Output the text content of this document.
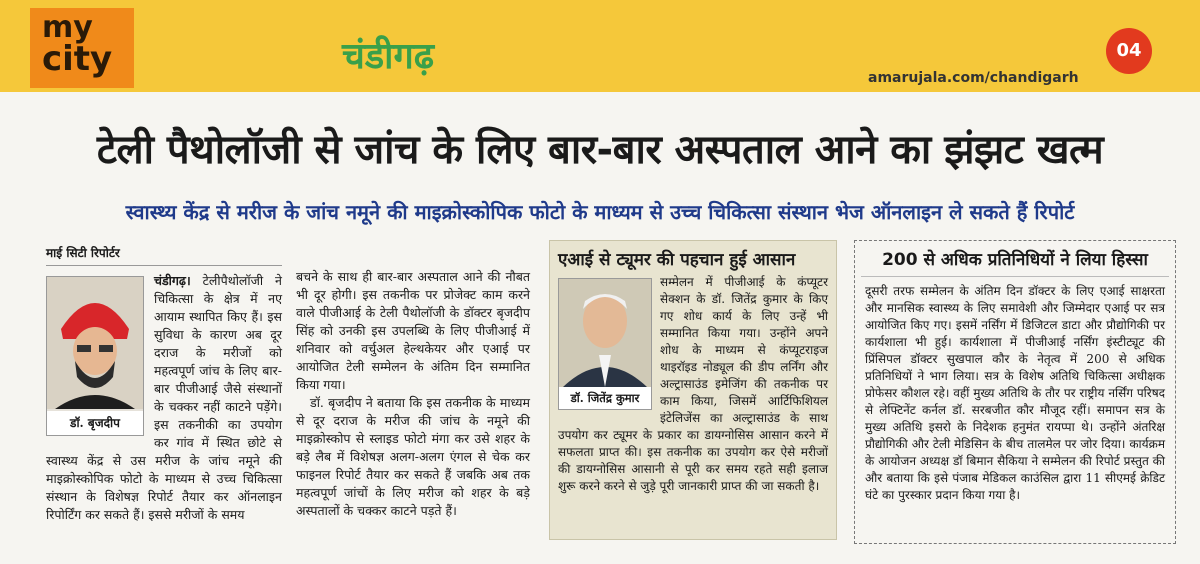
my
city	चंडीगढ़	04
amarujala.com/chandigarh
टेली पैथोलॉजी से जांच के लिए बार-बार अस्पताल आने का झंझट खत्म
स्वास्थ्य केंद्र से मरीज के जांच नमूने की माइक्रोस्कोपिक फोटो के माध्यम से उच्च चिकित्सा संस्थान भेज ऑनलाइन ले सकते हैं रिपोर्ट
माई सिटी रिपोर्टर
डॉ. बृजदीप

चंडीगढ़। टेलीपैथोलॉजी ने चिकित्सा के क्षेत्र में नए आयाम स्थापित किए हैं। इस सुविधा के कारण अब दूर दराज के मरीजों को महत्वपूर्ण जांच के लिए बार-बार पीजीआई जैसे संस्थानों के चक्कर नहीं काटने पड़ेंगे। इस तकनीकी का उपयोग कर गांव में स्थित छोटे से स्वास्थ्य केंद्र से उस मरीज के जांच नमूने की माइक्रोस्कोपिक फोटो के माध्यम से उच्च चिकित्सा संस्थान के विशेषज्ञ रिपोर्ट तैयार कर ऑनलाइन रिपोर्टिंग कर सकते हैं। इससे मरीजों के समय

बचने के साथ ही बार-बार अस्पताल आने की नौबत भी दूर होगी। इस तकनीक पर प्रोजेक्ट काम करने वाले पीजीआई के टेली पैथोलॉजी के डॉक्टर बृजदीप सिंह को उनकी इस उपलब्धि के लिए पीजीआई में शनिवार को वर्चुअल हेल्थकेयर और एआई पर आयोजित टेली सम्मेलन के अंतिम दिन सम्मानित किया गया।

डॉ. बृजदीप ने बताया कि इस तकनीक के माध्यम से दूर दराज के मरीज की जांच के नमूने की माइक्रोस्कोप से स्लाइड फोटो मंगा कर उसे शहर के बड़े लैब में विशेषज्ञ अलग-अलग एंगल से चेक कर फाइनल रिपोर्ट तैयार कर सकते हैं जबकि अब तक महत्वपूर्ण जांचों के लिए मरीज को शहर के बड़े अस्पतालों के चक्कर काटने पड़ते हैं।

एआई से ट्यूमर की पहचान हुई आसान
डॉ. जितेंद्र कुमार
सम्मेलन में पीजीआई के कंप्यूटर सेक्शन के डॉ. जितेंद्र कुमार के किए गए शोध कार्य के लिए उन्हें भी सम्मानित किया गया। उन्होंने अपने शोध के माध्यम से कंप्यूटराइज थाइरॉइड नोड्यूल की डीप लर्निंग और अल्ट्रासाउंड इमेजिंग की तकनीक पर काम किया, जिसमें आर्टिफिशियल इंटेलिजेंस का अल्ट्रासाउंड के साथ उपयोग कर ट्यूमर के प्रकार का डायग्नोसिस आसान करने में सफलता प्राप्त की। इस तकनीक का उपयोग कर ऐसे मरीजों की डायग्नोसिस आसानी से पूरी कर समय रहते सही इलाज शुरू करने करने से जुड़े पूरी जानकारी प्राप्त की जा सकती है।
200 से अधिक प्रतिनिधियों ने लिया हिस्सा
दूसरी तरफ सम्मेलन के अंतिम दिन डॉक्टर के लिए एआई साक्षरता और मानसिक स्वास्थ्य के लिए समावेशी और जिम्मेदार एआई पर सत्र आयोजित किए गए। इसमें नर्सिंग में डिजिटल डाटा और प्रौद्योगिकी पर कार्यशाला भी हुई। कार्यशाला में पीजीआई नर्सिंग इंस्टीट्यूट की प्रिंसिपल डॉक्टर सुखपाल कौर के नेतृत्व में 200 से अधिक प्रतिनिधियों ने भाग लिया। सत्र के विशेष अतिथि चिकित्सा अधीक्षक प्रोफेसर कौशल रहे। वहीं मुख्य अतिथि के तौर पर राष्ट्रीय नर्सिंग परिषद से लेफ्टिनेंट कर्नल डॉ. सरबजीत कौर मौजूद रहीं। समापन सत्र के मुख्य अतिथि इसरो के निदेशक हनुमंत रायप्पा थे। उन्होंने अंतरिक्ष प्रौद्योगिकी और टेली मेडिसिन के बीच तालमेल पर जोर दिया। कार्यक्रम के आयोजन अध्यक्ष डॉ बिमान सैकिया ने सम्मेलन की रिपोर्ट प्रस्तुत की और बताया कि इसे पंजाब मेडिकल काउंसिल द्वारा 11 सीएमई क्रेडिट घंटे का पुरस्कार प्रदान किया गया है।
